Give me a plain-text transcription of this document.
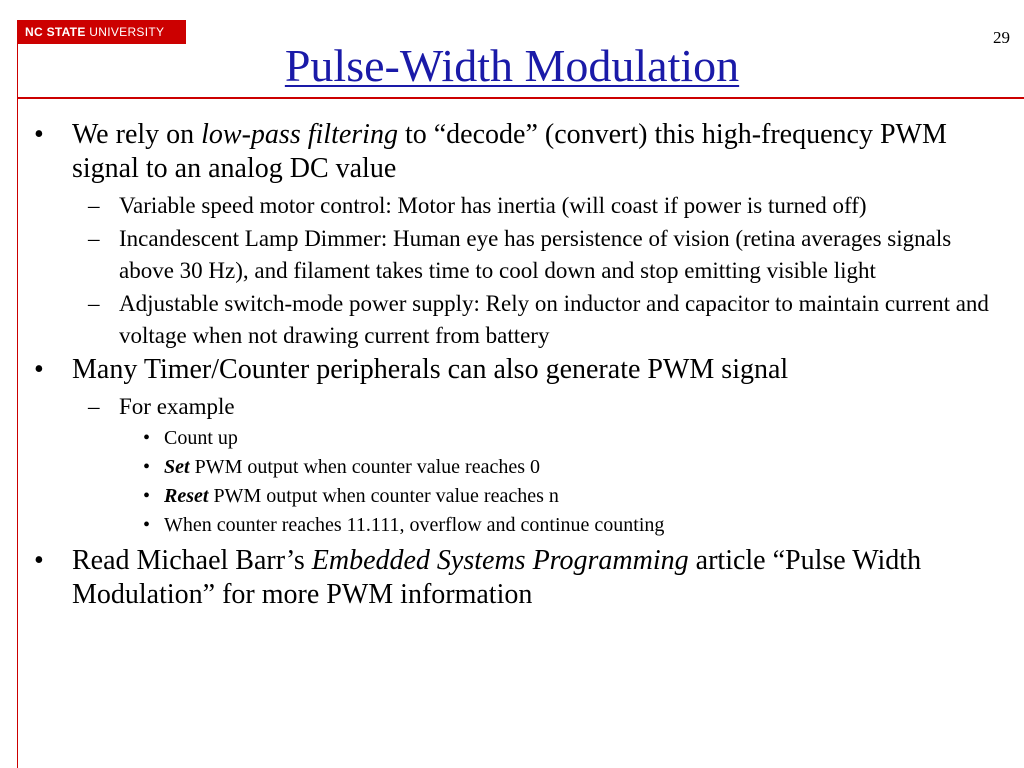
NC STATE UNIVERSITY	29
Pulse-Width Modulation
• We rely on low-pass filtering to “decode” (convert) this high-frequency PWM signal to an analog DC value
– Variable speed motor control: Motor has inertia (will coast if power is turned off)
– Incandescent Lamp Dimmer: Human eye has persistence of vision (retina averages signals above 30 Hz), and filament takes time to cool down and stop emitting visible light
– Adjustable switch-mode power supply: Rely on inductor and capacitor to maintain current and voltage when not drawing current from battery
• Many Timer/Counter peripherals can also generate PWM signal
– For example
• Count up
• Set PWM output when counter value reaches 0
• Reset PWM output when counter value reaches n
• When counter reaches 11.111, overflow and continue counting
• Read Michael Barr’s Embedded Systems Programming article “Pulse Width Modulation” for more PWM information
